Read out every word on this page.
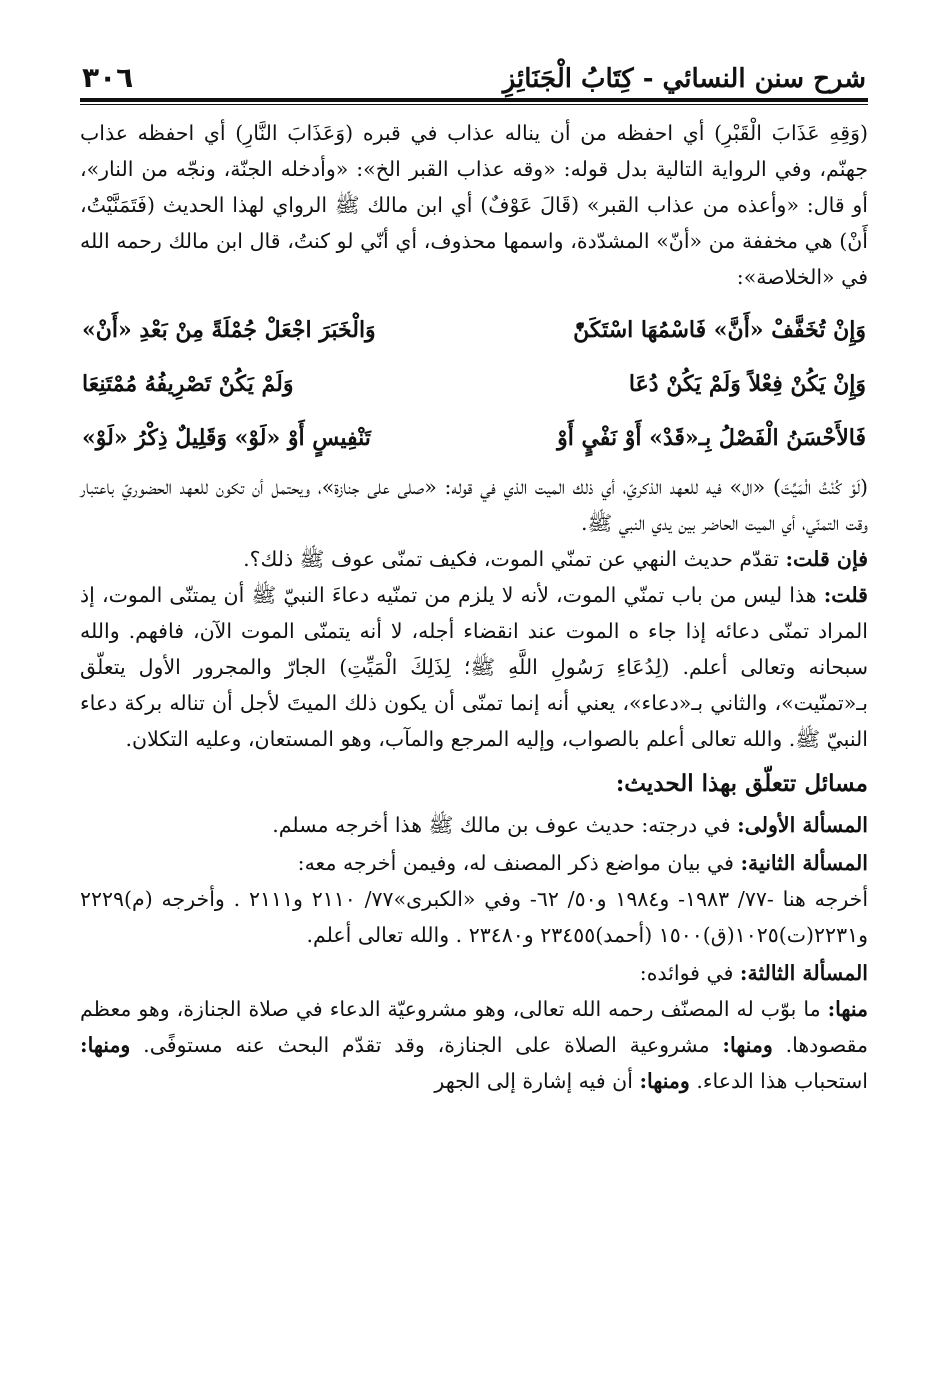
شرح سنن النسائي - كِتَابُ الْجَنَائِزِ
٣٠٦

(وَقِهِ عَذَابَ الْقَبْرِ) أي احفظه من أن يناله عذاب في قبره (وَعَذَابَ النَّارِ) أي احفظه عذاب جهنّم، وفي الرواية التالية بدل قوله: «وقه عذاب القبر الخ»: «وأدخله الجنّة، ونجّه من النار»، أو قال: «وأعذه من عذاب القبر» (قَالَ عَوْفٌ) أي ابن مالك ﷺ الرواي لهذا الحديث (فَتَمَنَّيْتُ، أَنْ) هي مخففة من «أنّ» المشدّدة، واسمها محذوف، أي أنّي لو كنتُ، قال ابن مالك رحمه الله في «الخلاصة»:

وَإِنْ تُخَفَّفْ «أَنَّ» فَاسْمُهَا اسْتَكَنّْ
وَالْخَبَرَ اجْعَلْ جُمْلَةً مِنْ بَعْدِ «أَنْ»
وَإِنْ يَكُنْ فِعْلاً وَلَمْ يَكُنْ دُعَا
وَلَمْ يَكُنْ تَصْرِيفُهُ مُمْتَنِعَا
فَالأَحْسَنُ الْفَصْلُ بِـ«قَدْ» أَوْ نَفْيٍ أَوْ
تَنْفِيسٍ أَوْ «لَوْ» وَقَلِيلٌ ذِكْرُ «لَوْ»

(لَوْ كُنْتُ الْمَيِّتَ) «ال» فيه للعهد الذكريّ، أي ذلك الميت الذي في قوله: «صلى على جنازة»، ويحتمل أن تكون للعهد الحضوريّ باعتبار وقت التمنّي، أي الميت الحاضر بين يدي النبي ﷺ.

فإن قلت: تقدّم حديث النهي عن تمنّي الموت، فكيف تمنّى عوف ﷺ ذلك؟.

قلت: هذا ليس من باب تمنّي الموت، لأنه لا يلزم من تمنّيه دعاءَ النبيّ ﷺ أن يمتنّى الموت، إذ المراد تمنّى دعائه إذا جاء ه الموت عند انقضاء أجله، لا أنه يتمنّى الموت الآن، فافهم. والله سبحانه وتعالى أعلم. (لِدُعَاءِ رَسُولِ اللَّهِ ﷺ؛ لِذَلِكَ الْمَيِّتِ) الجارّ والمجرور الأول يتعلّق بـ«تمنّيت»، والثاني بـ«دعاء»، يعني أنه إنما تمنّى أن يكون ذلك الميتَ لأجل أن تناله بركة دعاء النبيّ ﷺ. والله تعالى أعلم بالصواب، وإليه المرجع والمآب، وهو المستعان، وعليه التكلان.

مسائل تتعلّق بهذا الحديث:

المسألة الأولى: في درجته: حديث عوف بن مالك ﷺ هذا أخرجه مسلم.

المسألة الثانية: في بيان مواضع ذكر المصنف له، وفيمن أخرجه معه:

أخرجه هنا -٧٧/ ١٩٨٣- و١٩٨٤ و٥٠/ ٦٢- وفي «الكبرى»٧٧/ ٢١١٠ و٢١١١ . وأخرجه (م)٢٢٢٩ و٢٢٣١(ت)١٠٢٥(ق)١٥٠٠ (أحمد)٢٣٤٥٥ و٢٣٤٨٠ . والله تعالى أعلم.

المسألة الثالثة: في فوائده:

منها: ما بوّب له المصنّف رحمه الله تعالى، وهو مشروعيّة الدعاء في صلاة الجنازة، وهو معظم مقصودها. ومنها: مشروعية الصلاة على الجنازة، وقد تقدّم البحث عنه مستوفًى. ومنها: استحباب هذا الدعاء. ومنها: أن فيه إشارة إلى الجهر
